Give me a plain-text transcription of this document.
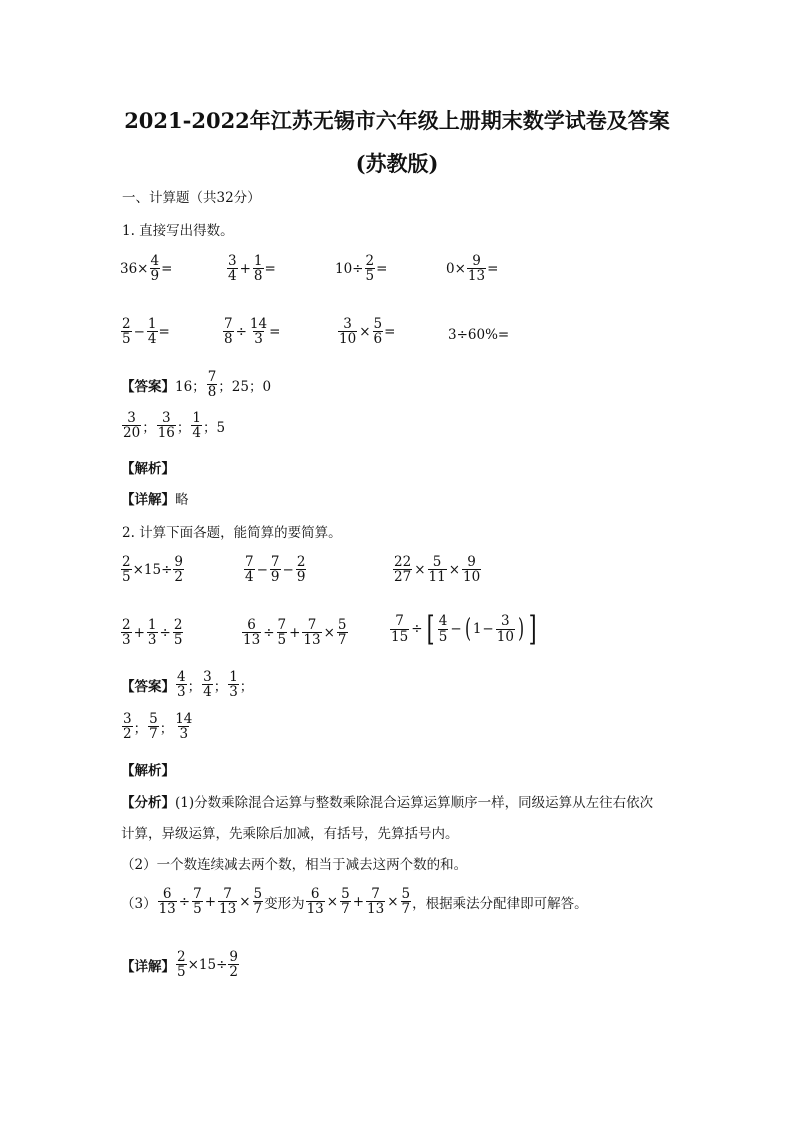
2021-2022年江苏无锡市六年级上册期末数学试卷及答案
(苏教版)
一、计算题（共32分）
1. 直接写出得数。
$36\times \frac{4}{9}$ =	$\frac{3}{4} + \frac{1}{8}$ =	$10\div \frac{2}{5}$ =	$0\times \frac{9}{13}$ =
$\frac{2}{5} - \frac{1}{4}$ =	$\frac{7}{8} \div \frac{14}{3}$ =	$\frac{3}{10} \times \frac{5}{6}$ =	3÷60%=
【答案】 16； $\frac{7}{8}$ ；25；0
$\frac{3}{20}$ ； $\frac{3}{16}$ ； $\frac{1}{4}$ ；5
【解析】
【详解】略
2. 计算下面各题，能简算的要简算。
$\frac{2}{5} \times 15\div \frac{9}{2}$	$\frac{7}{4} - \frac{7}{9} - \frac{2}{9}$	$\frac{22}{27} \times \frac{5}{11} \times \frac{9}{10}$
$\frac{2}{3} + \frac{1}{3} \div \frac{2}{5}$	$\frac{6}{13} \div \frac{7}{5} + \frac{7}{13} \times \frac{5}{7}$	$\frac{7}{15}$ ÷ [ $\frac{4}{5}$ − ( $1 - \frac{3}{10}$ ) ]
【答案】 $\frac{4}{3}$ ； $\frac{3}{4}$ ； $\frac{1}{3}$ ；
$\frac{3}{2}$ ； $\frac{5}{7}$ ； $\frac{14}{3}$
【解析】
【分析】(1)分数乘除混合运算与整数乘除混合运算运算顺序一样，同级运算从左往右依次
计算，异级运算，先乘除后加减，有括号，先算括号内。
（2）一个数连续减去两个数，相当于减去这两个数的和。
$(3) \frac{6}{13} \div \frac{7}{5} + \frac{7}{13} \times \frac{5}{7}$ 变形为 $\frac{6}{13} \times \frac{5}{7} + \frac{7}{13} \times \frac{5}{7}$ ，根据乘法分配律即可解答。
【详解】 $\frac{2}{5} \times 15\div \frac{9}{2}$
